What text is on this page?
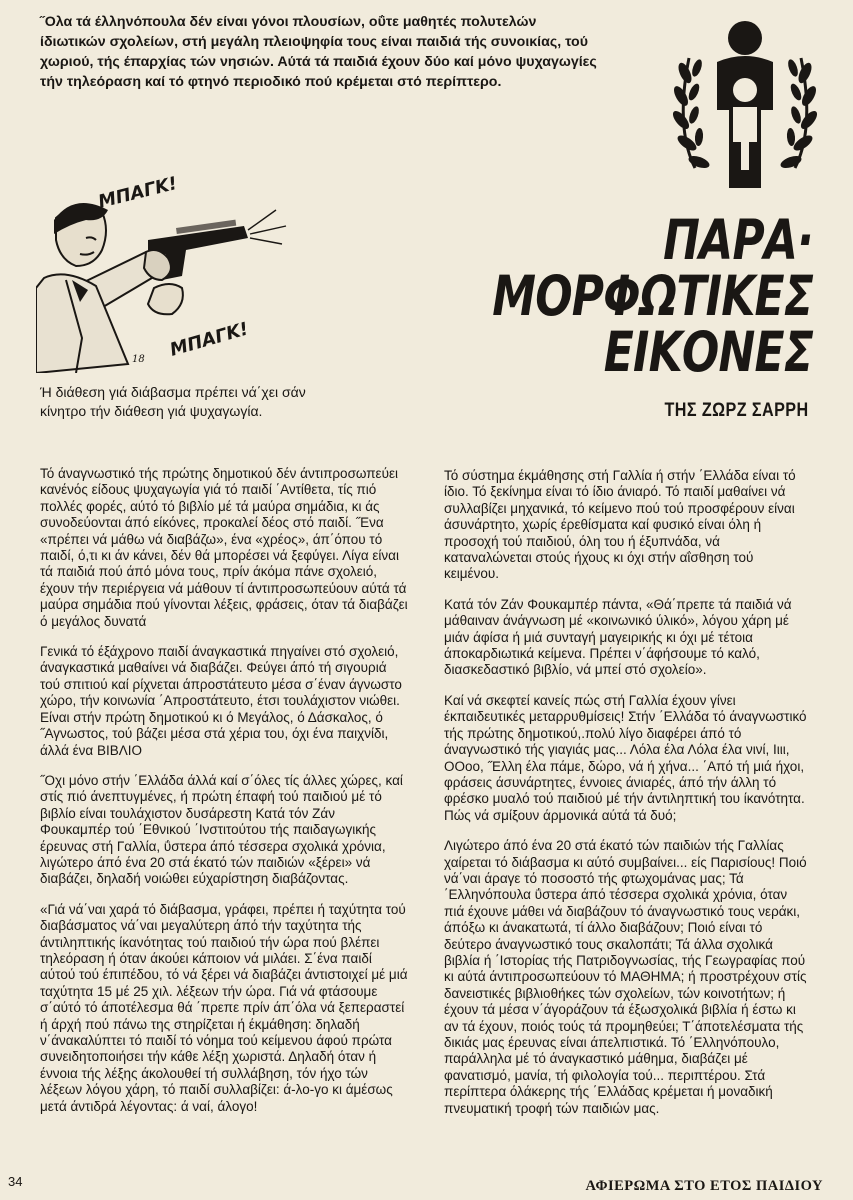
˝Ολα τά έλληνόπουλα δέν είναι γόνοι πλουσίων, οΰτε μαθητές πολυτελών ίδιωτικών σχολείων, στή μεγάλη πλειοψηφία τους είναι παιδιά τής συνοικίας, τού χωριού, τής έπαρχίας τών νησιών. Αύτά τά παιδιά έχουν δύο καί μόνο ψυχαγωγίες τήν τηλεόραση καί τό φτηνό περιοδικό πού κρέμεται στό περίπτερο.

ΜΠΑΓΚ!
ΜΠΑΓΚ!
18

Ή διάθεση γιά διάβασμα πρέπει νά΄χει σάν κίνητρο τήν διάθεση γιά ψυχαγωγία.

ΠΑΡΑ·
ΜΟΡΦΩΤΙΚΕΣ
ΕΙΚΟΝΕΣ

ΤΗΣ ΖΩΡΖ ΣΑΡΡΗ

Τό άναγνωστικό τής πρώτης δημοτικού δέν άντιπροσωπεύει κανένός είδους ψυχαγωγία γιά τό παιδί ΄Αντίθετα, τίς πιό πολλές φορές, αύτό τό βιβλίο μέ τά μαύρα σημάδια, κι άς συνοδεύονται άπό είκόνες, προκαλεί δέος στό παιδί. ˝Ενα «πρέπει νά μάθω νά διαβάζω», ένα «χρέος», άπ΄όπου τό παιδί, ό,τι κι άν κάνει, δέν θά μπορέσει νά ξεφύγει. Λίγα είναι τά παιδιά πού άπό μόνα τους, πρίν άκόμα πάνε σχολειό, έχουν τήν περιέργεια νά μάθουν τί άντιπροσωπεύουν αύτά τά μαύρα σημάδια πού γίνονται λέξεις, φράσεις, όταν τά διαβάζει ό μεγάλος δυνατά

Γενικά τό έξάχρονο παιδί άναγκαστικά πηγαίνει στό σχολειό, άναγκαστικά μαθαίνει νά διαβάζει. Φεύγει άπό τή σιγουριά τού σπιτιού καί ρίχνεται άπροστάτευτο μέσα σ΄έναν άγνωστο χώρο, τήν κοινωνία ΄Απροστάτευτο, έτσι τουλάχιστον νιώθει. Είναι στήν πρώτη δημοτικού κι ό Μεγάλος, ό Δάσκαλος, ό ˝Αγνωστος, τού βάζει μέσα στά χέρια του, όχι ένα παιχνίδι, άλλά ένα ΒΙΒΛΙΟ

˝Οχι μόνο στήν ΄Ελλάδα άλλά καί σ΄όλες τίς άλλες χώρες, καί στίς πιό άνεπτυγμένες, ή πρώτη έπαφή τού παιδιού μέ τό βιβλίο είναι τουλάχιστον δυσάρεστη Κατά τόν Ζάν Φουκαμπέρ τού ΄Εθνικού ΄Ινστιτούτου τής παιδαγωγικής έρευνας στή Γαλλία, ΰστερα άπό τέσσερα σχολικά χρόνια, λιγώτερο άπό ένα 20 στά έκατό τών παιδιών «ξέρει» νά διαβάζει, δηλαδή νοιώθει εύχαρίστηση διαβάζοντας.

«Γιά νά΄ναι χαρά τό διάβασμα, γράφει, πρέπει ή ταχύτητα τού διαβάσματος νά΄ναι μεγαλύτερη άπό τήν ταχύτητα τής άντιληπτικής ίκανότητας τού παιδιού τήν ώρα πού βλέπει τηλεόραση ή όταν άκούει κάποιον νά μιλάει. Σ΄ένα παιδί αύτού τού έπιπέδου, τό νά ξέρει νά διαβάζει άντιστοιχεί μέ μιά ταχύτητα 15 μέ 25 χιλ. λέξεων τήν ώρα. Γιά νά φτάσουμε σ΄αύτό τό άποτέλεσμα θά ΄πρεπε πρίν άπ΄όλα νά ξεπεραστεί ή άρχή πού πάνω της στηρίζεται ή έκμάθηση: δηλαδή ν΄άνακαλύπτει τό παιδί τό νόημα τού κείμενου άφού πρώτα συνειδητοποιήσει τήν κάθε λέξη χωριστά. Δηλαδή όταν ή έννοια τής λέξης άκολουθεί τή συλλάβηση, τόν ήχο τών λέξεων λόγου χάρη, τό παιδί συλλαβίζει: ά-λο-γο κι άμέσως μετά άντιδρά λέγοντας: ά ναί, άλογο!

Τό σύστημα έκμάθησης στή Γαλλία ή στήν ΄Ελλάδα είναι τό ίδιο. Τό ξεκίνημα είναι τό ίδιο άνιαρό. Τό παιδί μαθαίνει νά συλλαβίζει μηχανικά, τό κείμενο πού τού προσφέρουν είναι άσυνάρτητο, χωρίς έρεθίσματα καί φυσικό είναι όλη ή προσοχή τού παιδιού, όλη του ή έξυπνάδα, νά καταναλώνεται στούς ήχους κι όχι στήν αΐσθηση τού κειμένου.

Κατά τόν Ζάν Φουκαμπέρ πάντα, «Θά΄πρεπε τά παιδιά νά μάθαιναν άνάγνωση μέ «κοινωνικό ύλικό», λόγου χάρη μέ μιάν άφίσα ή μιά συνταγή μαγειρικής κι όχι μέ τέτοια άποκαρδιωτικά κείμενα. Πρέπει ν΄άφήσουμε τό καλό, διασκεδαστικό βιβλίο, νά μπεί στό σχολείο».

Καί νά σκεφτεί κανείς πώς στή Γαλλία έχουν γίνει έκπαιδευτικές μεταρρυθμίσεις! Στήν ΄Ελλάδα τό άναγνωστικό τής πρώτης δημοτικού,.πολύ λίγο διαφέρει άπό τό άναγνωστικό τής γιαγιάς μας... Λόλα έλα Λόλα έλα νινί, Ιιιι, ΟΟοο, ˝Ελλη έλα πάμε, δώρο, νά ή χήνα... ΄Από τή μιά ήχοι, φράσεις άσυνάρτητες, έννοιες άνιαρές, άπό τήν άλλη τό φρέσκο μυαλό τού παιδιού μέ τήν άντιληπτική του ίκανότητα. Πώς νά σμίξουν άρμονικά αύτά τά δυό;

Λιγώτερο άπό ένα 20 στά έκατό τών παιδιών τής Γαλλίας χαίρεται τό διάβασμα κι αύτό συμβαίνει... είς Παρισίους! Ποιό νά΄ναι άραγε τό ποσοστό τής φτωχομάνας μας; Τά ΄Ελληνόπουλα ΰστερα άπό τέσσερα σχολικά χρόνια, όταν πιά έχουνε μάθει νά διαβάζουν τό άναγνωστικό τους νεράκι, άπόξω κι άνακατωτά, τί άλλο διαβάζουν; Ποιό είναι τό δεύτερο άναγνωστικό τους σκαλοπάτι; Τά άλλα σχολικά βιβλία ή ΄Ιστορίας τής Πατριδογνωσίας, τής Γεωγραφίας πού κι αύτά άντιπροσωπεύουν τό ΜΑΘΗΜΑ; ή προστρέχουν στίς δανειστικές βιβλιοθήκες τών σχολείων, τών κοινοτήτων; ή έχουν τά μέσα ν΄άγοράζουν τά έξωσχολικά βιβλία ή έστω κι αν τά έχουν, ποιός τούς τά προμηθεύει; Τ΄άποτελέσματα τής δικιάς μας έρευνας είναι άπελπιστικά. Τό ΄Ελληνόπουλο, παράλληλα μέ τό άναγκαστικό μάθημα, διαβάζει μέ φανατισμό, μανία, τή φιλολογία τού... περιπτέρου. Στά περίπτερα όλάκερης τής ΄Ελλάδας κρέμεται ή μοναδική πνευματική τροφή τών παιδιών μας.

34	ΑΦΙΕΡΩΜΑ ΣΤΟ ΕΤΟΣ ΠΑΙΔΙΟΥ
